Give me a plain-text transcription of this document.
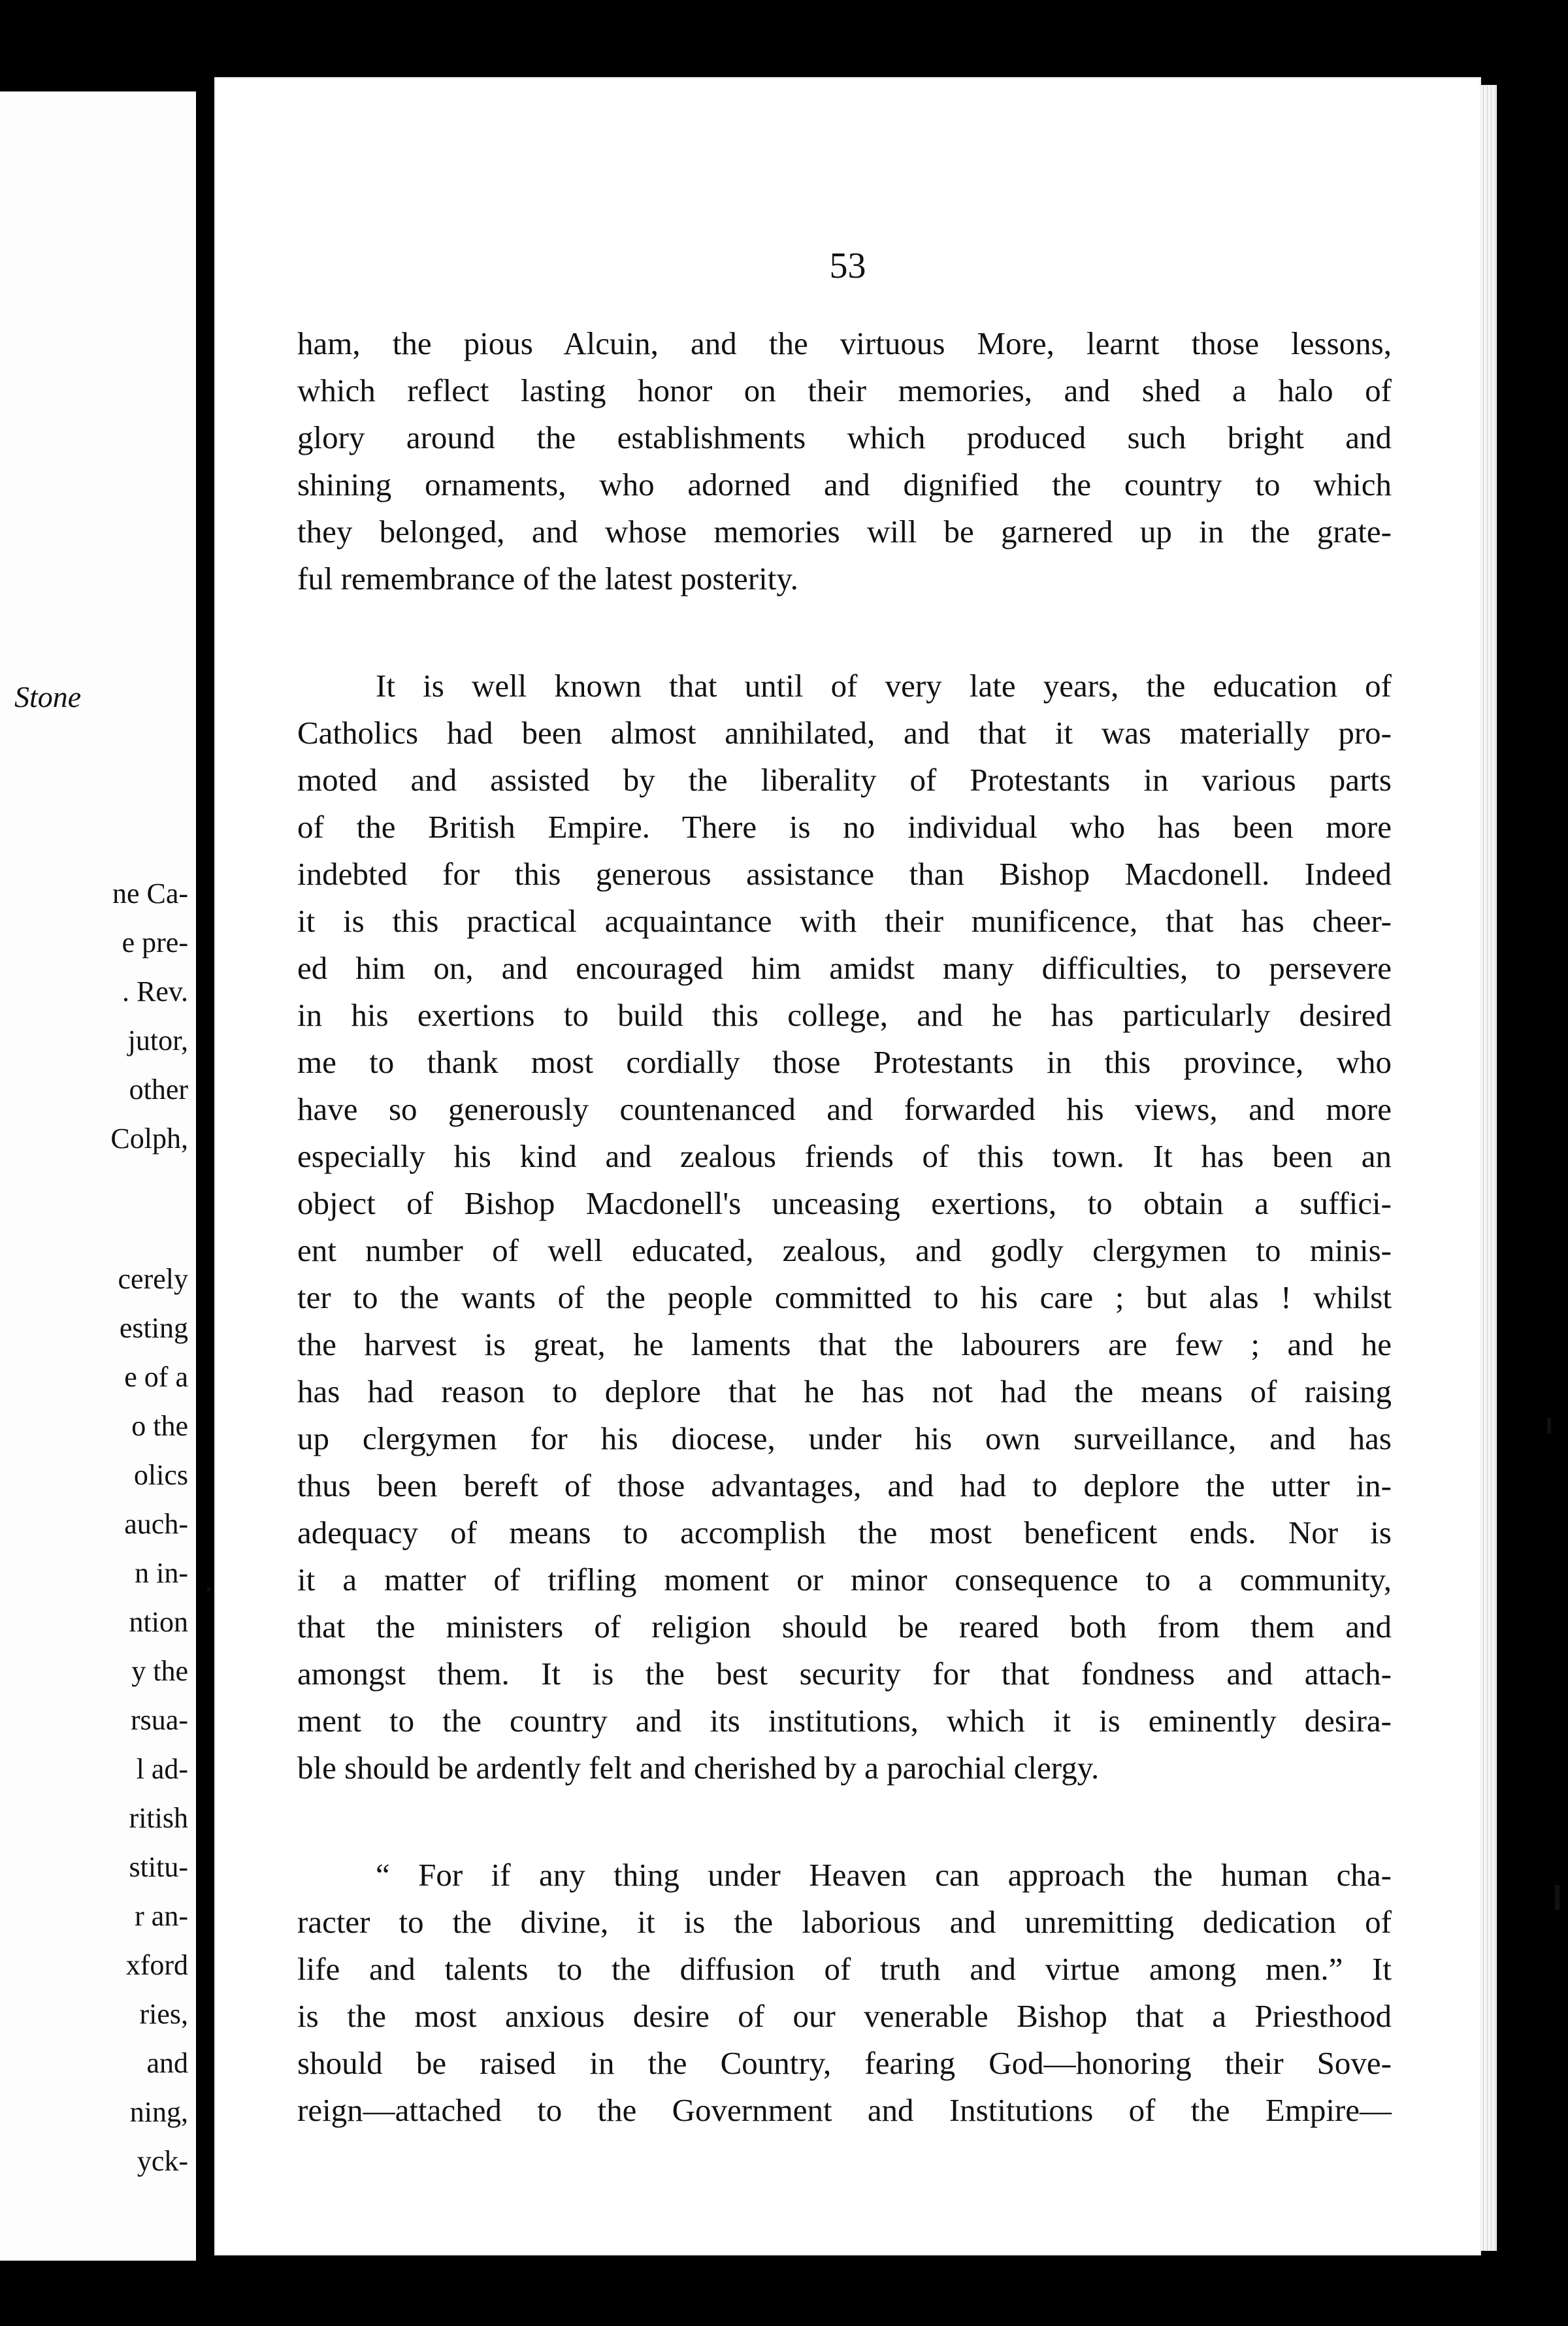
Stone
ne Ca-
e pre-
. Rev.
jutor,
other
Colph,
cerely
esting
e of a
o the
olics
auch-
n in-
ntion
y the
rsua-
l ad-
ritish
stitu-
r an-
xford
ries,
and
ning,
yck-
53
ham, the pious Alcuin, and the virtuous More, learnt those lessons,
which reflect lasting honor on their memories, and shed a halo of
glory around the establishments which produced such bright and
shining ornaments, who adorned and dignified the country to which
they belonged, and whose memories will be garnered up in the grate-
ful remembrance of the latest posterity.
It is well known that until of very late years, the education of
Catholics had been almost annihilated, and that it was materially pro-
moted and assisted by the liberality of Protestants in various parts
of the British Empire. There is no individual who has been more
indebted for this generous assistance than Bishop Macdonell. Indeed
it is this practical acquaintance with their munificence, that has cheer-
ed him on, and encouraged him amidst many difficulties, to persevere
in his exertions to build this college, and he has particularly desired
me to thank most cordially those Protestants in this province, who
have so generously countenanced and forwarded his views, and more
especially his kind and zealous friends of this town. It has been an
object of Bishop Macdonell's unceasing exertions, to obtain a suffici-
ent number of well educated, zealous, and godly clergymen to minis-
ter to the wants of the people committed to his care ; but alas ! whilst
the harvest is great, he laments that the labourers are few ; and he
has had reason to deplore that he has not had the means of raising
up clergymen for his diocese, under his own surveillance, and has
thus been bereft of those advantages, and had to deplore the utter in-
adequacy of means to accomplish the most beneficent ends. Nor is
it a matter of trifling moment or minor consequence to a community,
that the ministers of religion should be reared both from them and
amongst them. It is the best security for that fondness and attach-
ment to the country and its institutions, which it is eminently desira-
ble should be ardently felt and cherished by a parochial clergy.
“ For if any thing under Heaven can approach the human cha-
racter to the divine, it is the laborious and unremitting dedication of
life and talents to the diffusion of truth and virtue among men.” It
is the most anxious desire of our venerable Bishop that a Priesthood
should be raised in the Country, fearing God—honoring their Sove-
reign—attached to the Government and Institutions of the Empire—
